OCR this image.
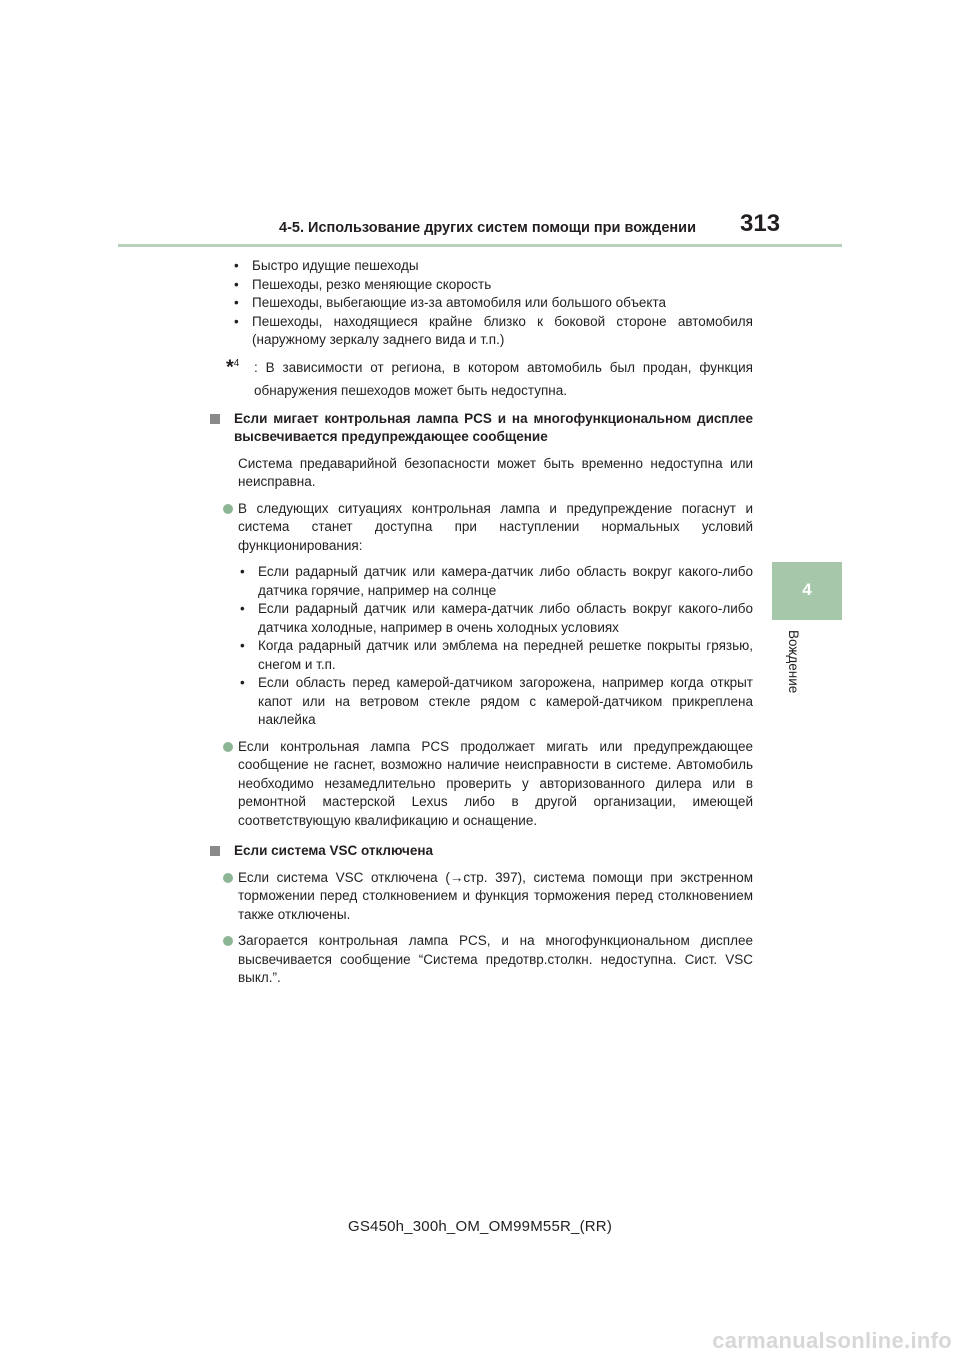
4-5. Использование других систем помощи при вождении 313
4
Вождение
• Быстро идущие пешеходы
• Пешеходы, резко меняющие скорость
• Пешеходы, выбегающие из-за автомобиля или большого объекта
• Пешеходы, находящиеся крайне близко к боковой стороне автомобиля (наружному зеркалу заднего вида и т.п.)
*$^4$ : В зависимости от региона, в котором автомобиль был продан, функция обнаружения пешеходов может быть недоступна.
Если мигает контрольная лампа PCS и на многофункциональном дисплее высвечивается предупреждающее сообщение

Система предаварийной безопасности может быть временно недоступна или неисправна.

В следующих ситуациях контрольная лампа и предупреждение погаснут и система станет доступна при наступлении нормальных условий функционирования:
• Если радарный датчик или камера-датчик либо область вокруг какого-либо датчика горячие, например на солнце
• Если радарный датчик или камера-датчик либо область вокруг какого-либо датчика холодные, например в очень холодных условиях
• Когда радарный датчик или эмблема на передней решетке покрыты грязью, снегом и т.п.
• Если область перед камерой-датчиком загорожена, например когда открыт капот или на ветровом стекле рядом с камерой-датчиком прикреплена наклейка
Если контрольная лампа PCS продолжает мигать или предупреждающее сообщение не гаснет, возможно наличие неисправности в системе. Автомобиль необходимо незамедлительно проверить у авторизованного дилера или в ремонтной мастерской Lexus либо в другой организации, имеющей соответствующую квалификацию и оснащение.
Если система VSC отключена
Если система VSC отключена (→стр. 397), система помощи при экстренном торможении перед столкновением и функция торможения перед столкновением также отключены.
Загорается контрольная лампа PCS, и на многофункциональном дисплее высвечивается сообщение “Система предотвр.столкн. недоступна. Сист. VSC выкл.”.
GS450h_300h_OM_OM99M55R_(RR)
carmanualsonline.info
